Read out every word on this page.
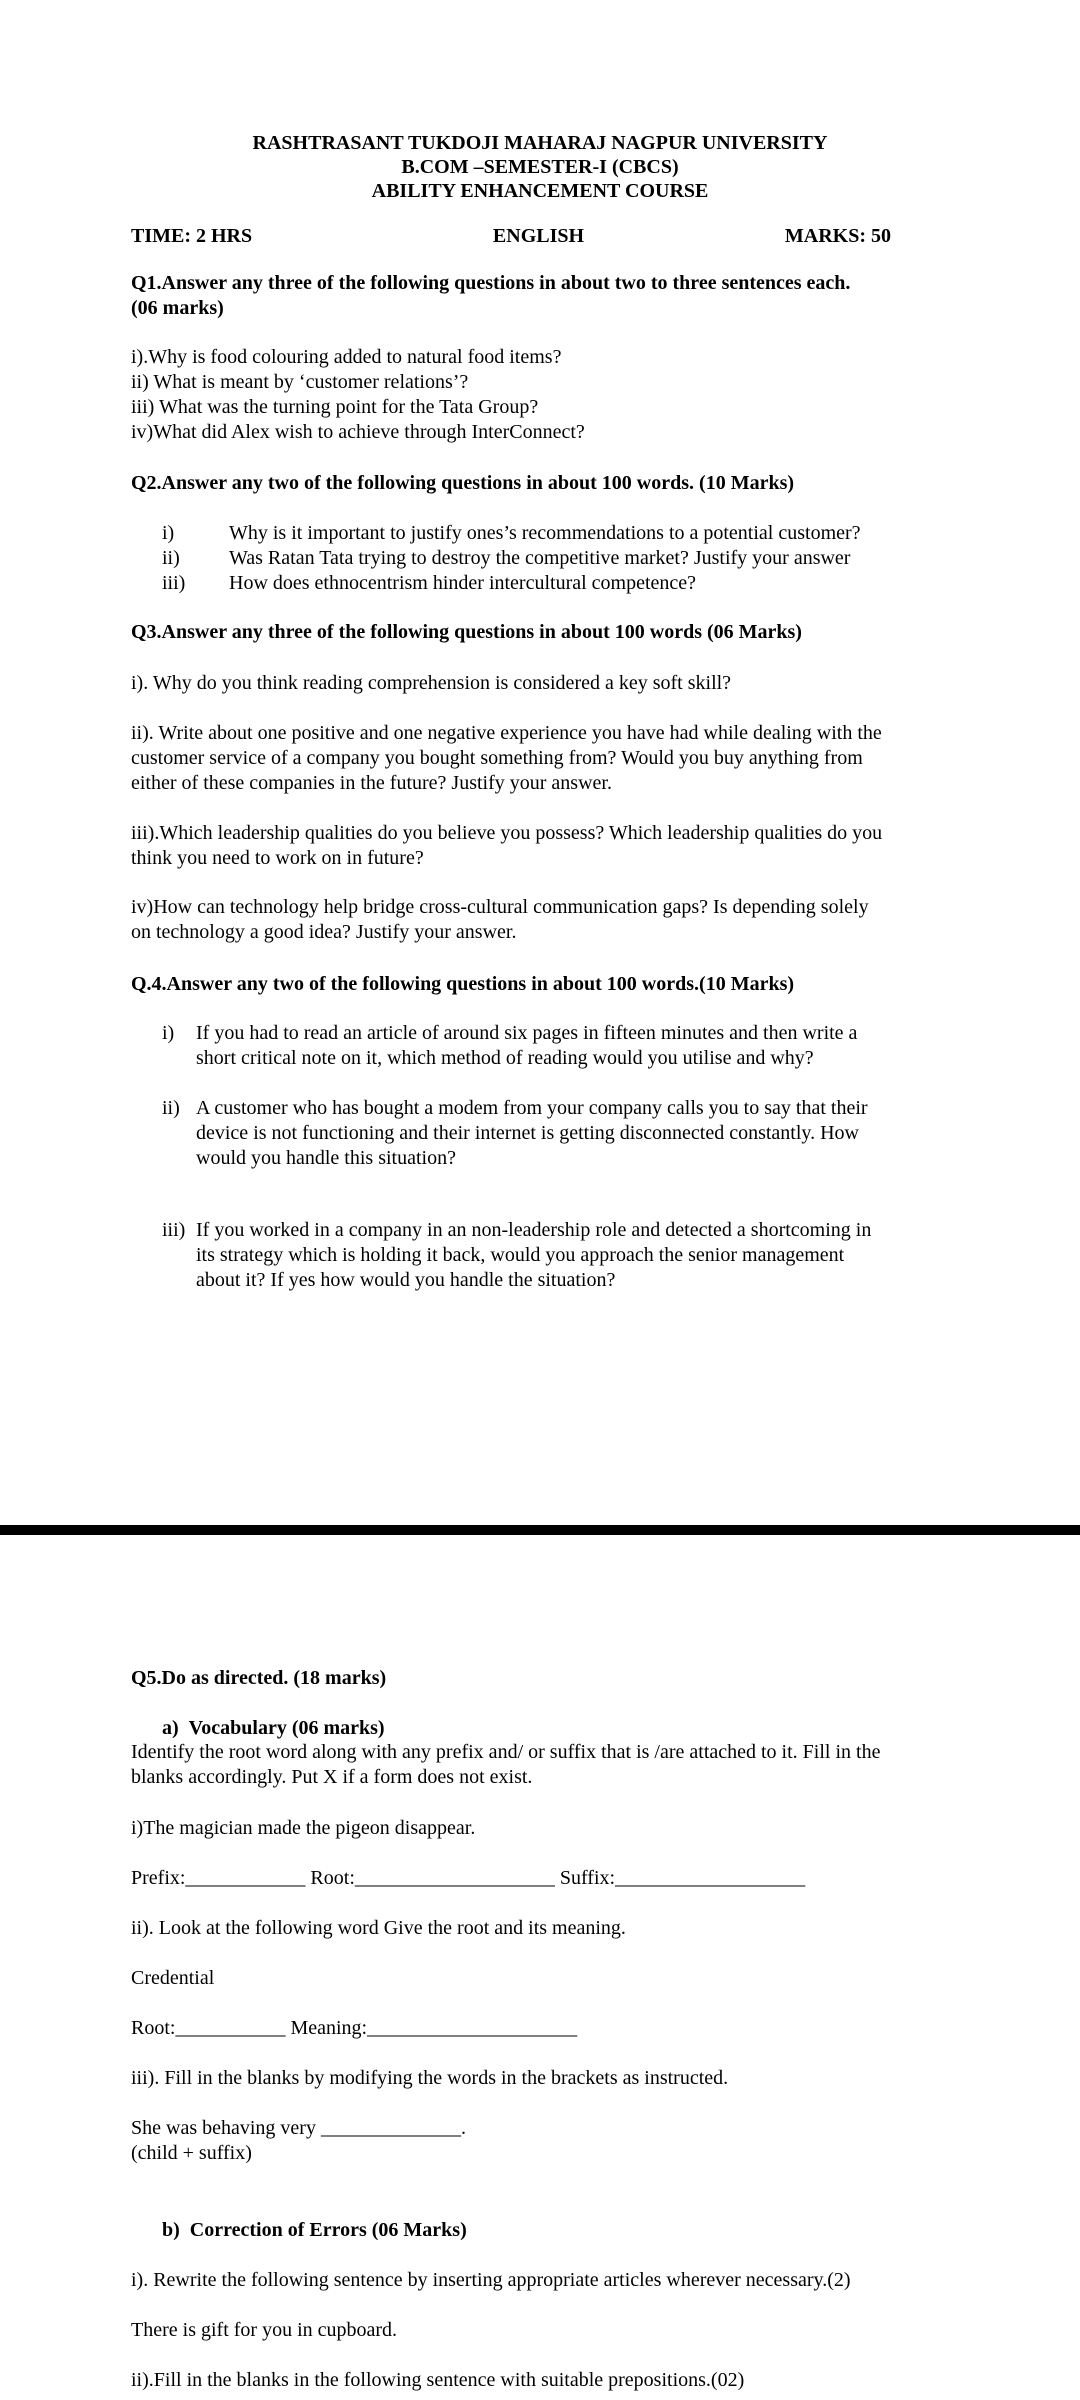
RASHTRASANT TUKDOJI MAHARAJ NAGPUR UNIVERSITY
B.COM –SEMESTER-I (CBCS)
ABILITY ENHANCEMENT COURSE
TIME: 2 HRS	ENGLISH	MARKS: 50
Q1.Answer any three of the following questions in about two to three sentences each.
(06 marks)
i).Why is food colouring added to natural food items?
ii) What is meant by ‘customer relations’?
iii) What was the turning point for the Tata Group?
iv)What did Alex wish to achieve through InterConnect?
Q2.Answer any two of the following questions in about 100 words. (10 Marks)
i)	Why is it important to justify ones’s recommendations to a potential customer?
ii)	Was Ratan Tata trying to destroy the competitive market? Justify your answer
iii)	How does ethnocentrism hinder intercultural competence?
Q3.Answer any three of the following questions in about 100 words (06 Marks)
i). Why do you think reading comprehension is considered a key soft skill?
ii). Write about one positive and one negative experience you have had while dealing with the
customer service of a company you bought something from? Would you buy anything from
either of these companies in the future? Justify your answer.
iii).Which leadership qualities do you believe you possess? Which leadership qualities do you
think you need to work on in future?
iv)How can technology help bridge cross-cultural communication gaps? Is depending solely
on technology a good idea? Justify your answer.
Q.4.Answer any two of the following questions in about 100 words.(10 Marks)
i)	If you had to read an article of around six pages in fifteen minutes and then write a
short critical note on it, which method of reading would you utilise and why?
ii) A customer who has bought a modem from your company calls you to say that their
device is not functioning and their internet is getting disconnected constantly. How
would you handle this situation?
iii) If you worked in a company in an non-leadership role and detected a shortcoming in
its strategy which is holding it back, would you approach the senior management
about it? If yes how would you handle the situation?
Q5.Do as directed. (18 marks)
a) Vocabulary (06 marks)
Identify the root word along with any prefix and/ or suffix that is /are attached to it. Fill in the
blanks accordingly. Put X if a form does not exist.
i)The magician made the pigeon disappear.
Prefix:____________ Root:____________________ Suffix:___________________
ii). Look at the following word Give the root and its meaning.
Credential
Root:___________ Meaning:_____________________
iii). Fill in the blanks by modifying the words in the brackets as instructed.
She was behaving very ______________.
(child + suffix)
b) Correction of Errors (06 Marks)
i). Rewrite the following sentence by inserting appropriate articles wherever necessary.(2)
There is gift for you in cupboard.
ii).Fill in the blanks in the following sentence with suitable prepositions.(02)
